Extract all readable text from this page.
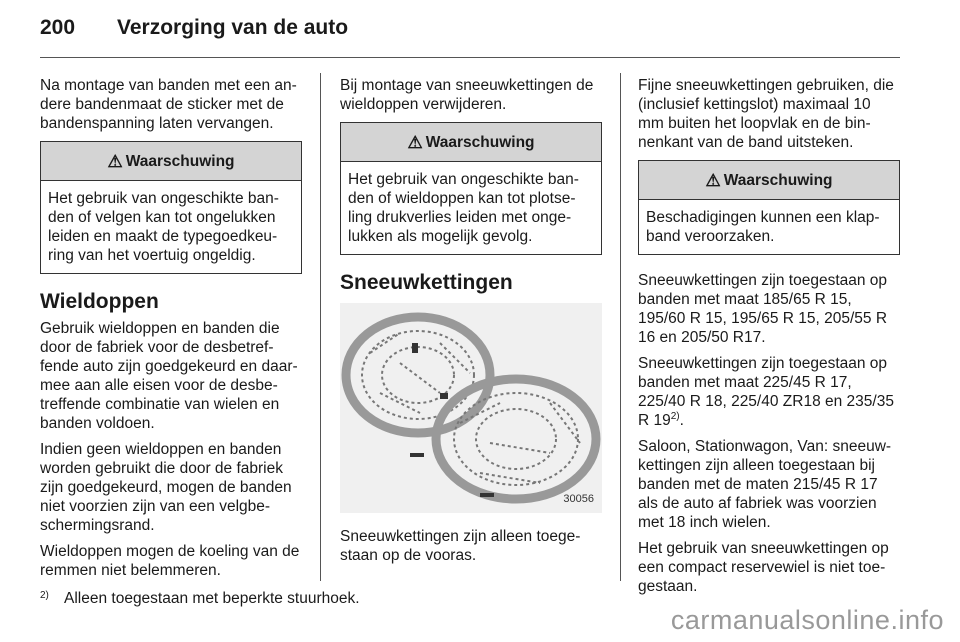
200 Verzorging van de auto

Na montage van banden met een an-dere bandenmaat de sticker met de bandenspanning laten vervangen.

⚠ Waarschuwing
Het gebruik van ongeschikte ban-den of velgen kan tot ongelukken leiden en maakt de typegoedkeu-ring van het voertuig ongeldig.
Wieldoppen

Gebruik wieldoppen en banden die door de fabriek voor de desbetref-fende auto zijn goedgekeurd en daar-mee aan alle eisen voor de desbe-treffende combinatie van wielen en banden voldoen.

Indien geen wieldoppen en banden worden gebruikt die door de fabriek zijn goedgekeurd, mogen de banden niet voorzien zijn van een velgbe-schermingsrand.

Wieldoppen mogen de koeling van de remmen niet belemmeren.

Bij montage van sneeuwkettingen de wieldoppen verwijderen.

⚠ Waarschuwing
Het gebruik van ongeschikte ban-den of wieldoppen kan tot plotse-ling drukverlies leiden met onge-lukken als mogelijk gevolg.
Sneeuwkettingen
30056

Sneeuwkettingen zijn alleen toege-staan op de vooras.

Fijne sneeuwkettingen gebruiken, die (inclusief kettingslot) maximaal 10 mm buiten het loopvlak en de bin-nenkant van de band uitsteken.

⚠ Waarschuwing
Beschadigingen kunnen een klap-band veroorzaken.

Sneeuwkettingen zijn toegestaan op banden met maat 185/65 R 15, 195/60 R 15, 195/65 R 15, 205/55 R 16 en 205/50 R17.

Sneeuwkettingen zijn toegestaan op banden met maat 225/45 R 17, 225/40 R 18, 225/40 ZR18 en 235/35 R 19$^{2)}$.

Saloon, Stationwagon, Van: sneeuw-kettingen zijn alleen toegestaan bij banden met de maten 215/45 R 17 als de auto af fabriek was voorzien met 18 inch wielen.

Het gebruik van sneeuwkettingen op een compact reservewiel is niet toe-gestaan.

2) Alleen toegestaan met beperkte stuurhoek.
carmanualsonline.info
